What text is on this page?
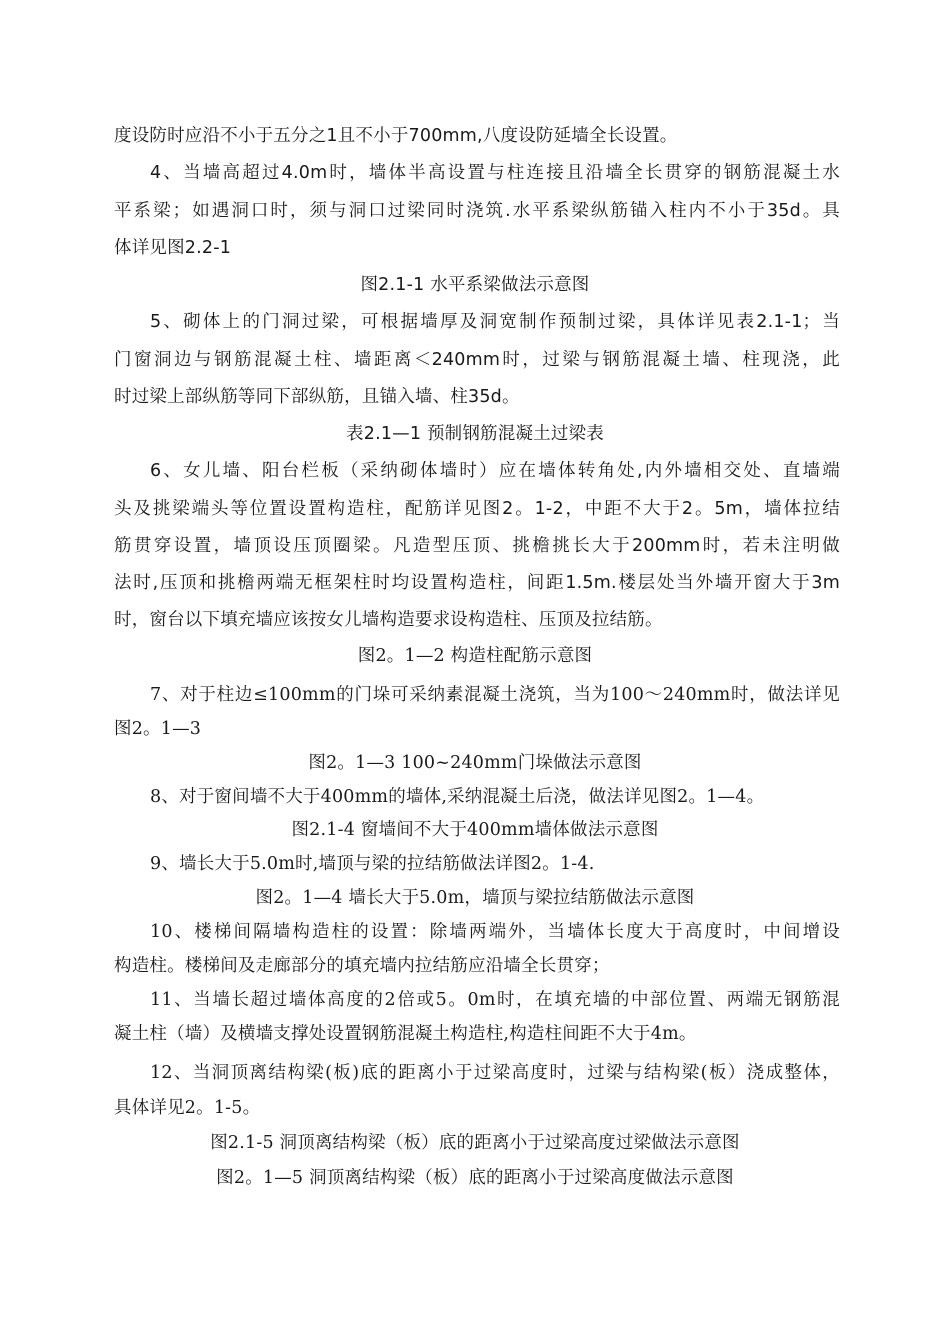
度设防时应沿不小于五分之1且不小于700mm,八度设防延墙全长设置。
4、当墙高超过4.0m时，墙体半高设置与柱连接且沿墙全长贯穿的钢筋混凝土水
平系梁；如遇洞口时，须与洞口过梁同时浇筑.水平系梁纵筋锚入柱内不小于35d。具
体详见图2.2-1
图2.1-1 水平系梁做法示意图
5、砌体上的门洞过梁，可根据墙厚及洞宽制作预制过梁，具体详见表2.1-1；当
门窗洞边与钢筋混凝土柱、墙距离＜240mm时，过梁与钢筋混凝土墙、柱现浇，此
时过梁上部纵筋等同下部纵筋，且锚入墙、柱35d。
表2.1—1 预制钢筋混凝土过梁表
6、女儿墙、阳台栏板（采纳砌体墙时）应在墙体转角处,内外墙相交处、直墙端
头及挑梁端头等位置设置构造柱，配筋详见图2。1-2，中距不大于2。5m，墙体拉结
筋贯穿设置，墙顶设压顶圈梁。凡造型压顶、挑檐挑长大于200mm时，若未注明做
法时,压顶和挑檐两端无框架柱时均设置构造柱，间距1.5m.楼层处当外墙开窗大于3m
时，窗台以下填充墙应该按女儿墙构造要求设构造柱、压顶及拉结筋。
图2。1—2 构造柱配筋示意图
7、对于柱边≤100mm的门垛可采纳素混凝土浇筑，当为100～240mm时，做法详见
图2。1—3
图2。1—3 100~240mm门垛做法示意图
8、对于窗间墙不大于400mm的墙体,采纳混凝土后浇，做法详见图2。1—4。
图2.1-4 窗墙间不大于400mm墙体做法示意图
9、墙长大于5.0m时,墙顶与梁的拉结筋做法详图2。1-4.
图2。1—4 墙长大于5.0m，墙顶与梁拉结筋做法示意图
10、楼梯间隔墙构造柱的设置：除墙两端外，当墙体长度大于高度时，中间增设
构造柱。楼梯间及走廊部分的填充墙内拉结筋应沿墙全长贯穿；
11、当墙长超过墙体高度的2倍或5。0m时，在填充墙的中部位置、两端无钢筋混
凝土柱（墙）及横墙支撑处设置钢筋混凝土构造柱,构造柱间距不大于4m。
12、当洞顶离结构梁(板)底的距离小于过梁高度时，过梁与结构梁(板）浇成整体，
具体详见2。1-5。
图2.1-5 洞顶离结构梁（板）底的距离小于过梁高度过梁做法示意图
图2。1—5 洞顶离结构梁（板）底的距离小于过梁高度做法示意图
